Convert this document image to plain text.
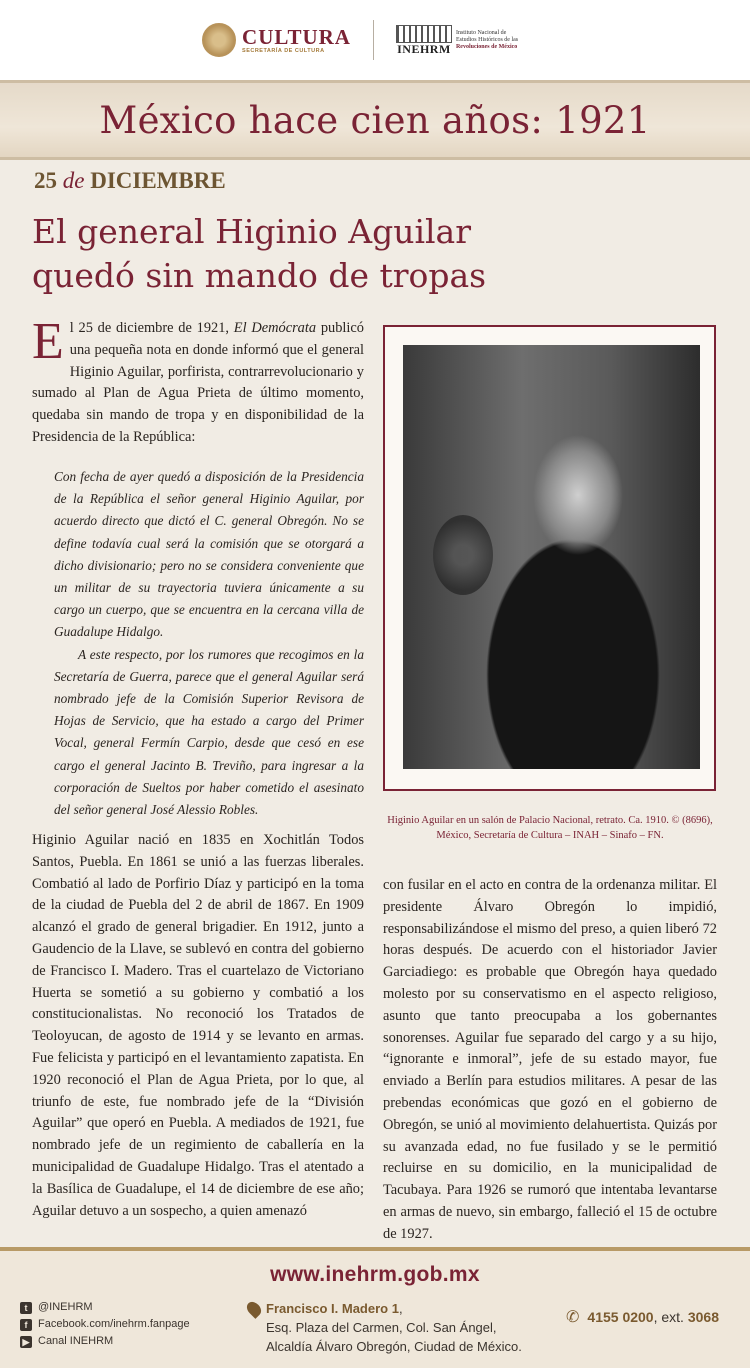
CULTURA
SECRETARÍA DE CULTURA	INEHRM
Instituto Nacional de
Estudios Históricos de las
Revoluciones de México
México hace cien años: 1921
25 de DICIEMBRE
El general Higinio Aguilar
quedó sin mando de tropas

El 25 de diciembre de 1921, El Demócrata publicó una pequeña nota en donde informó que el general Higinio Aguilar, porfirista, contrarrevolucionario y sumado al Plan de Agua Prieta de último momento, quedaba sin mando de tropa y en disponibilidad de la Presidencia de la República:

Con fecha de ayer quedó a disposición de la Presidencia de la República el señor general Higinio Aguilar, por acuerdo directo que dictó el C. general Obregón. No se define todavía cual será la comisión que se otorgará a dicho divisionario; pero no se considera conveniente que un militar de su trayectoria tuviera únicamente a su cargo un cuerpo, que se encuentra en la cercana villa de Guadalupe Hidalgo.

A este respecto, por los rumores que recogimos en la Secretaría de Guerra, parece que el general Aguilar será nombrado jefe de la Comisión Superior Revisora de Hojas de Servicio, que ha estado a cargo del Primer Vocal, general Fermín Carpio, desde que cesó en ese cargo el general Jacinto B. Treviño, para ingresar a la corporación de Sueltos por haber cometido el asesinato del señor general José Alessio Robles.

Higinio Aguilar nació en 1835 en Xochitlán Todos Santos, Puebla. En 1861 se unió a las fuerzas liberales. Combatió al lado de Porfirio Díaz y participó en la toma de la ciudad de Puebla del 2 de abril de 1867. En 1909 alcanzó el grado de general brigadier. En 1912, junto a Gaudencio de la Llave, se sublevó en contra del gobierno de Francisco I. Madero. Tras el cuartelazo de Victoriano Huerta se sometió a su gobierno y combatió a los constitucionalistas. No reconoció los Tratados de Teoloyucan, de agosto de 1914 y se levanto en armas. Fue felicista y participó en el levantamiento zapatista. En 1920 reconoció el Plan de Agua Prieta, por lo que, al triunfo de este, fue nombrado jefe de la “División Aguilar” que operó en Puebla. A mediados de 1921, fue nombrado jefe de un regimiento de caballería en la municipalidad de Guadalupe Hidalgo. Tras el atentado a la Basílica de Guadalupe, el 14 de diciembre de ese año; Aguilar detuvo a un sospecho, a quien amenazó

Higinio Aguilar en un salón de Palacio Nacional, retrato. Ca. 1910. © (8696), México, Secretaría de Cultura – INAH – Sinafo – FN.

con fusilar en el acto en contra de la ordenanza militar. El presidente Álvaro Obregón lo impidió, responsabilizándose el mismo del preso, a quien liberó 72 horas después. De acuerdo con el historiador Javier Garciadiego: es probable que Obregón haya quedado molesto por su conservatismo en el aspecto religioso, asunto que tanto preocupaba a los gobernantes sonorenses. Aguilar fue separado del cargo y a su hijo, “ignorante e inmoral”, jefe de su estado mayor, fue enviado a Berlín para estudios militares. A pesar de las prebendas económicas que gozó en el gobierno de Obregón, se unió al movimiento delahuertista. Quizás por su avanzada edad, no fue fusilado y se le permitió recluirse en su domicilio, en la municipalidad de Tacubaya. Para 1926 se rumoró que intentaba levantarse en armas de nuevo, sin embargo, falleció el 15 de octubre de 1927.

www.inehrm.gob.mx
t @INEHRM
f Facebook.com/inehrm.fanpage
▶ Canal INEHRM
Francisco I. Madero 1,
Esq. Plaza del Carmen, Col. San Ángel,
Alcaldía Álvaro Obregón, Ciudad de México.
✆ 4155 0200, ext. 3068
